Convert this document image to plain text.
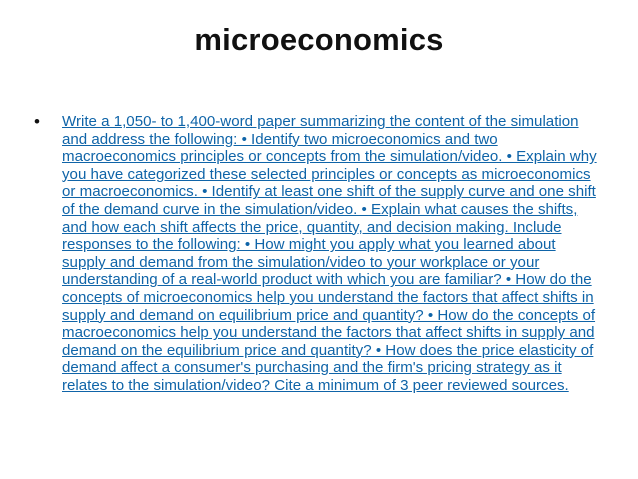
microeconomics
•	Write a 1,050- to 1,400-word paper summarizing the content of the simulation and address the following: • Identify two microeconomics and two macroeconomics principles or concepts from the simulation/video. • Explain why you have categorized these selected principles or concepts as microeconomics or macroeconomics. • Identify at least one shift of the supply curve and one shift of the demand curve in the simulation/video. • Explain what causes the shifts, and how each shift affects the price, quantity, and decision making. Include responses to the following: • How might you apply what you learned about supply and demand from the simulation/video to your workplace or your understanding of a real-world product with which you are familiar? • How do the concepts of microeconomics help you understand the factors that affect shifts in supply and demand on equilibrium price and quantity? • How do the concepts of macroeconomics help you understand the factors that affect shifts in supply and demand on the equilibrium price and quantity? • How does the price elasticity of demand affect a consumer's purchasing and the firm's pricing strategy as it relates to the simulation/video? Cite a minimum of 3 peer reviewed sources.
